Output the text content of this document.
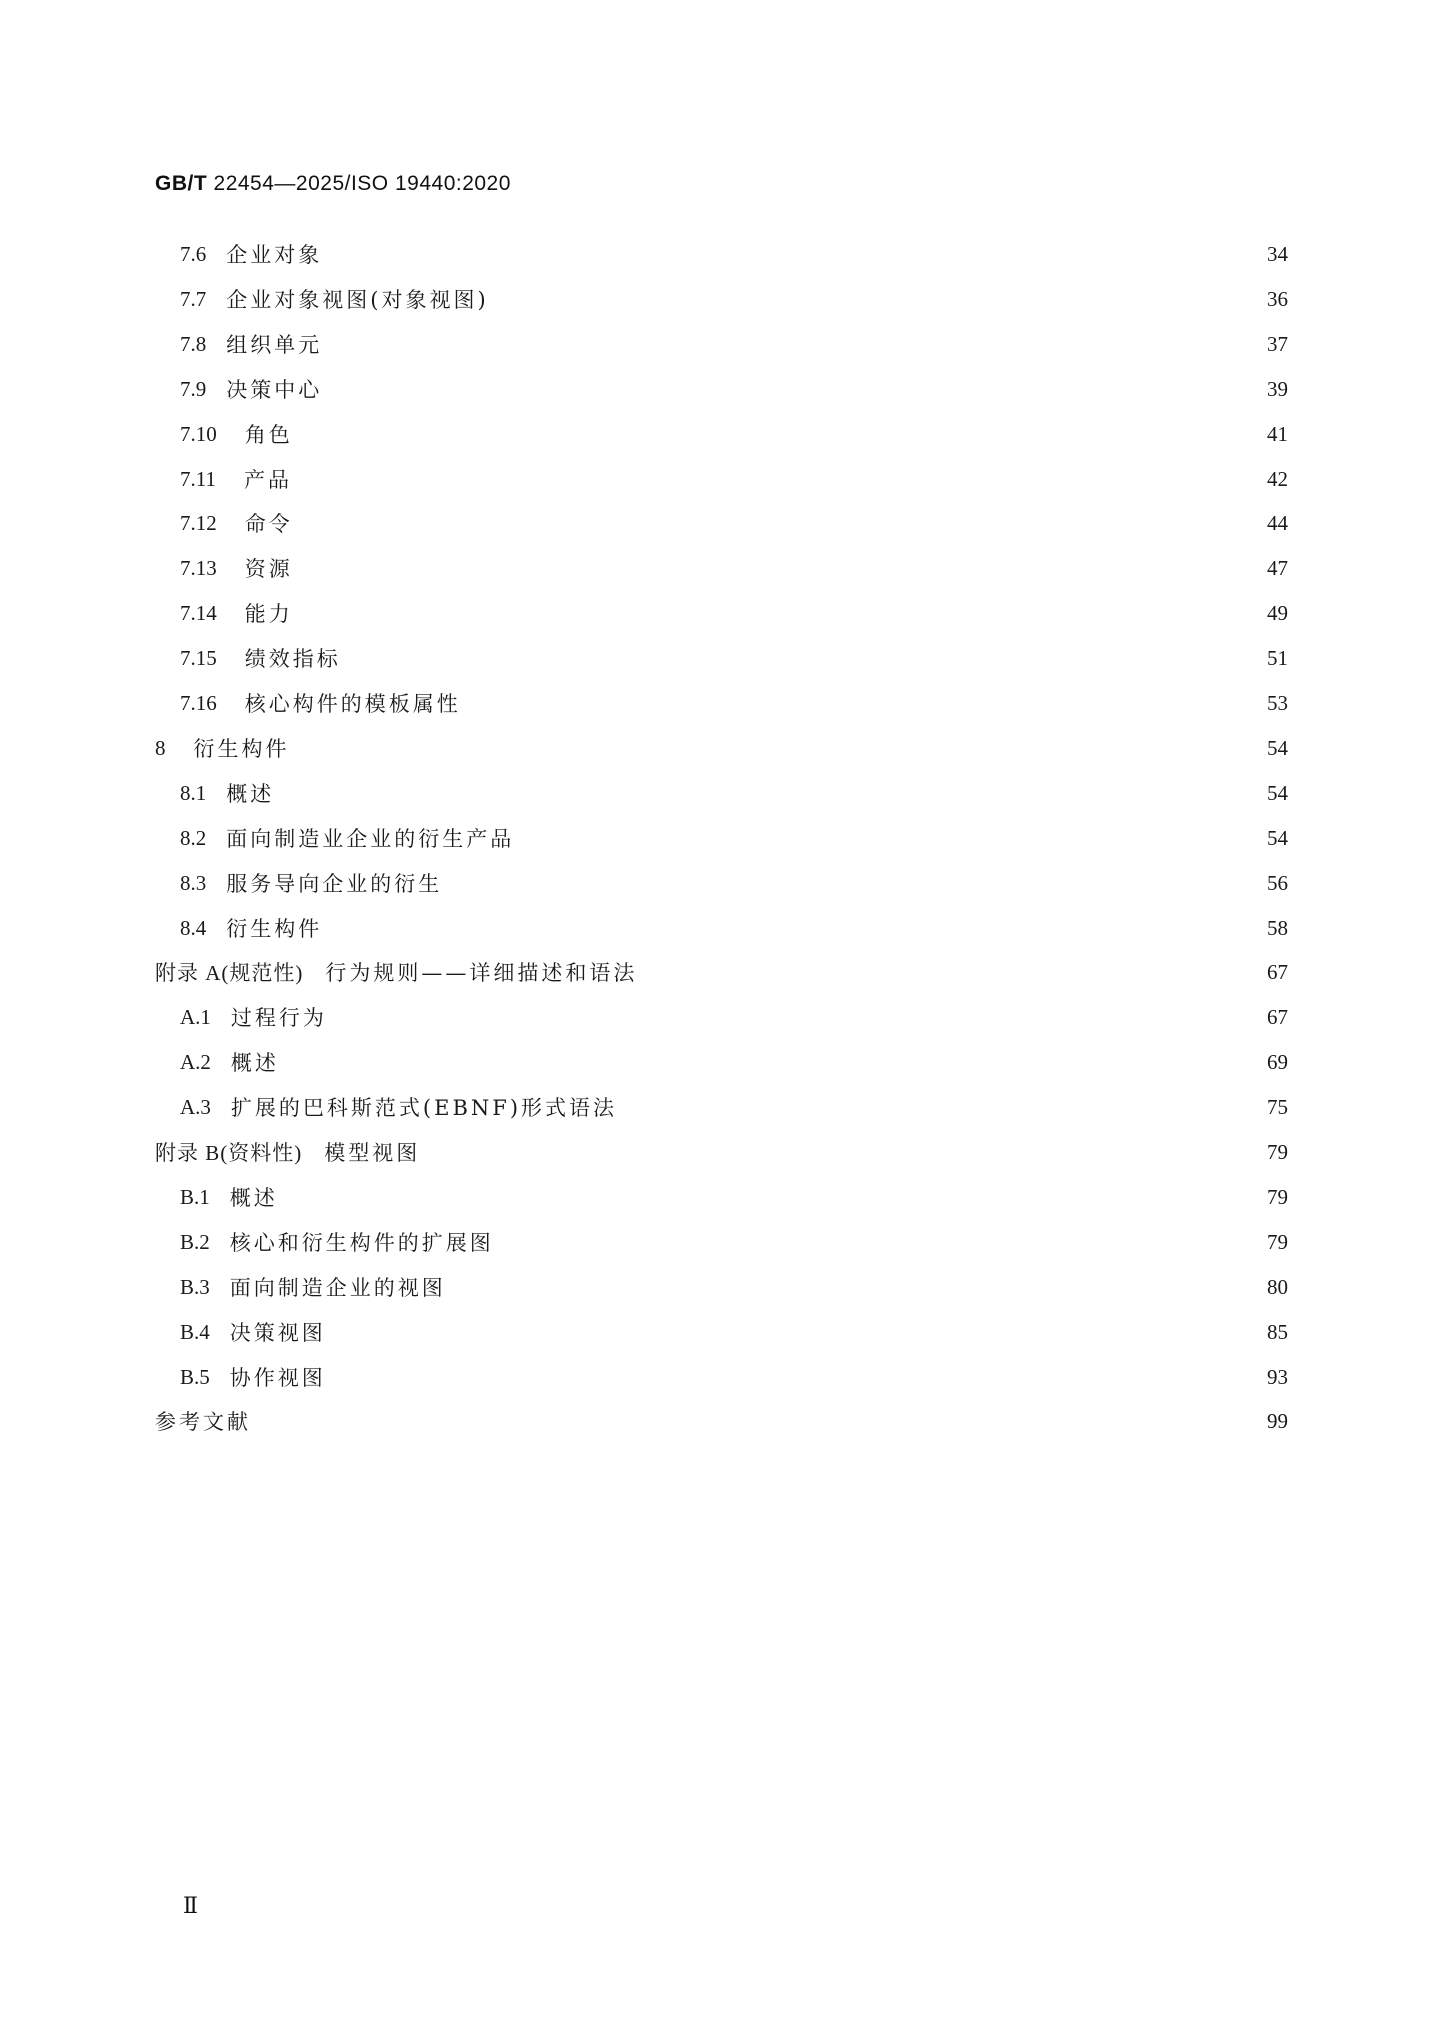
GB/T 22454—2025/ISO 19440:2020
7.6 企业对象	34
7.7 企业对象视图(对象视图)	36
7.8 组织单元	37
7.9 决策中心	39
7.10 角色	41
7.11 产品	42
7.12 命令	44
7.13 资源	47
7.14 能力	49
7.15 绩效指标	51
7.16 核心构件的模板属性	53
8 衍生构件	54
8.1 概述	54
8.2 面向制造业企业的衍生产品	54
8.3 服务导向企业的衍生	56
8.4 衍生构件	58
附录 A(规范性) 行为规则——详细描述和语法	67
A.1 过程行为	67
A.2 概述	69
A.3 扩展的巴科斯范式(EBNF)形式语法	75
附录 B(资料性) 模型视图	79
B.1 概述	79
B.2 核心和衍生构件的扩展图	79
B.3 面向制造企业的视图	80
B.4 决策视图	85
B.5 协作视图	93
参考文献	99
Ⅱ
